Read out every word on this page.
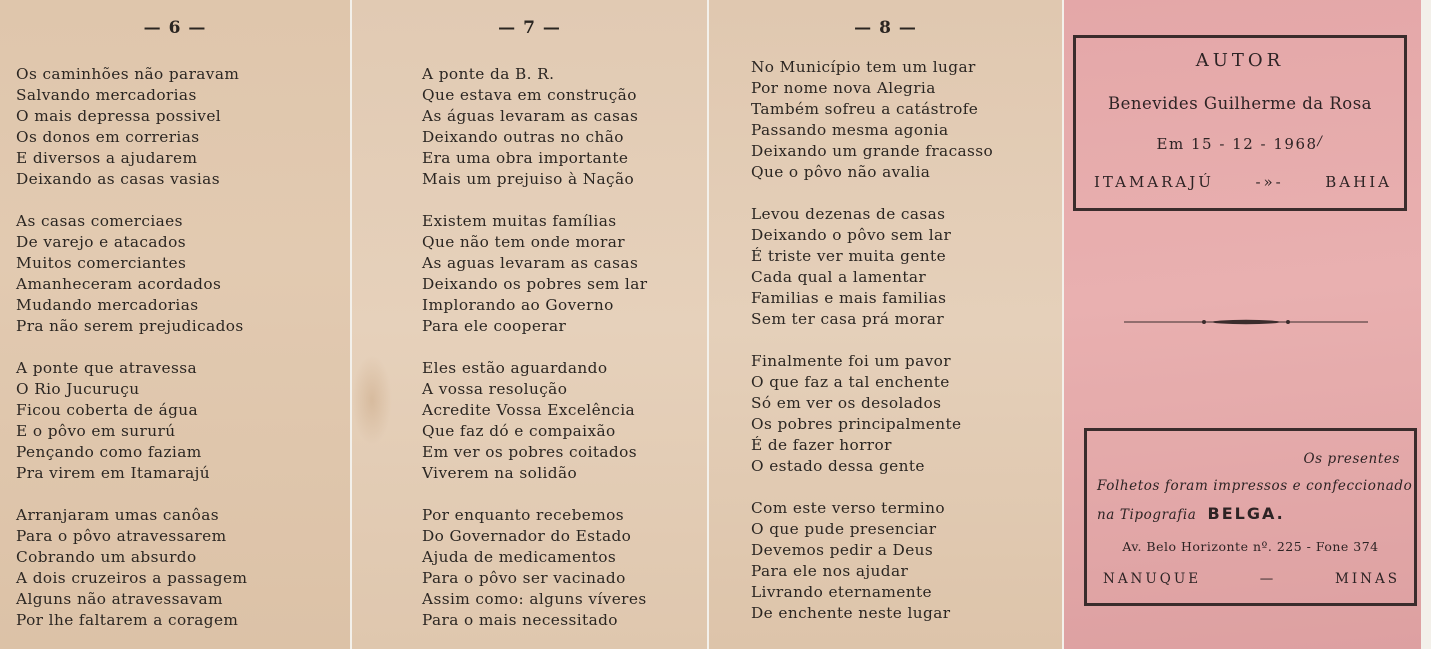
— 6 —
Os caminhões não paravam
Salvando mercadorias
O mais depressa possivel
Os donos em correrias
E diversos a ajudarem
Deixando as casas vasias
As casas comerciaes
De varejo e atacados
Muitos comerciantes
Amanheceram acordados
Mudando mercadorias
Pra não serem prejudicados
A ponte que atravessa
O Rio Jucuruçu
Ficou coberta de água
E o pôvo em sururú
Pençando como faziam
Pra virem em Itamarajú
Arranjaram umas canôas
Para o pôvo atravessarem
Cobrando um absurdo
A dois cruzeiros a passagem
Alguns não atravessavam
Por lhe faltarem a coragem
— 7 —
A ponte da B. R.
Que estava em construção
As águas levaram as casas
Deixando outras no chão
Era uma obra importante
Mais um prejuiso à Nação
Existem muitas famílias
Que não tem onde morar
As aguas levaram as casas
Deixando os pobres sem lar
Implorando ao Governo
Para ele cooperar
Eles estão aguardando
A vossa resolução
Acredite Vossa Excelência
Que faz dó e compaixão
Em ver os pobres coitados
Viverem na solidão
Por enquanto recebemos
Do Governador do Estado
Ajuda de medicamentos
Para o pôvo ser vacinado
Assim como: alguns víveres
Para o mais necessitado
— 8 —
No Município tem um lugar
Por nome nova Alegria
Também sofreu a catástrofe
Passando mesma agonia
Deixando um grande fracasso
Que o pôvo não avalia
Levou dezenas de casas
Deixando o pôvo sem lar
É triste ver muita gente
Cada qual a lamentar
Familias e mais familias
Sem ter casa prá morar
Finalmente foi um pavor
O que faz a tal enchente
Só em ver os desolados
Os pobres principalmente
É de fazer horror
O estado dessa gente
Com este verso termino
O que pude presenciar
Devemos pedir a Deus
Para ele nos ajudar
Livrando eternamente
De enchente neste lugar
AUTOR
Benevides Guilherme da Rosa
Em 15 - 12 - 1968/
ITAMARAJÚ	-»-	BAHIA
Os presentes
Folhetos foram impressos e confeccionado
na Tipografia BELGA.
Av. Belo Horizonte nº. 225 - Fone 374
NANUQUE	—	MINAS
